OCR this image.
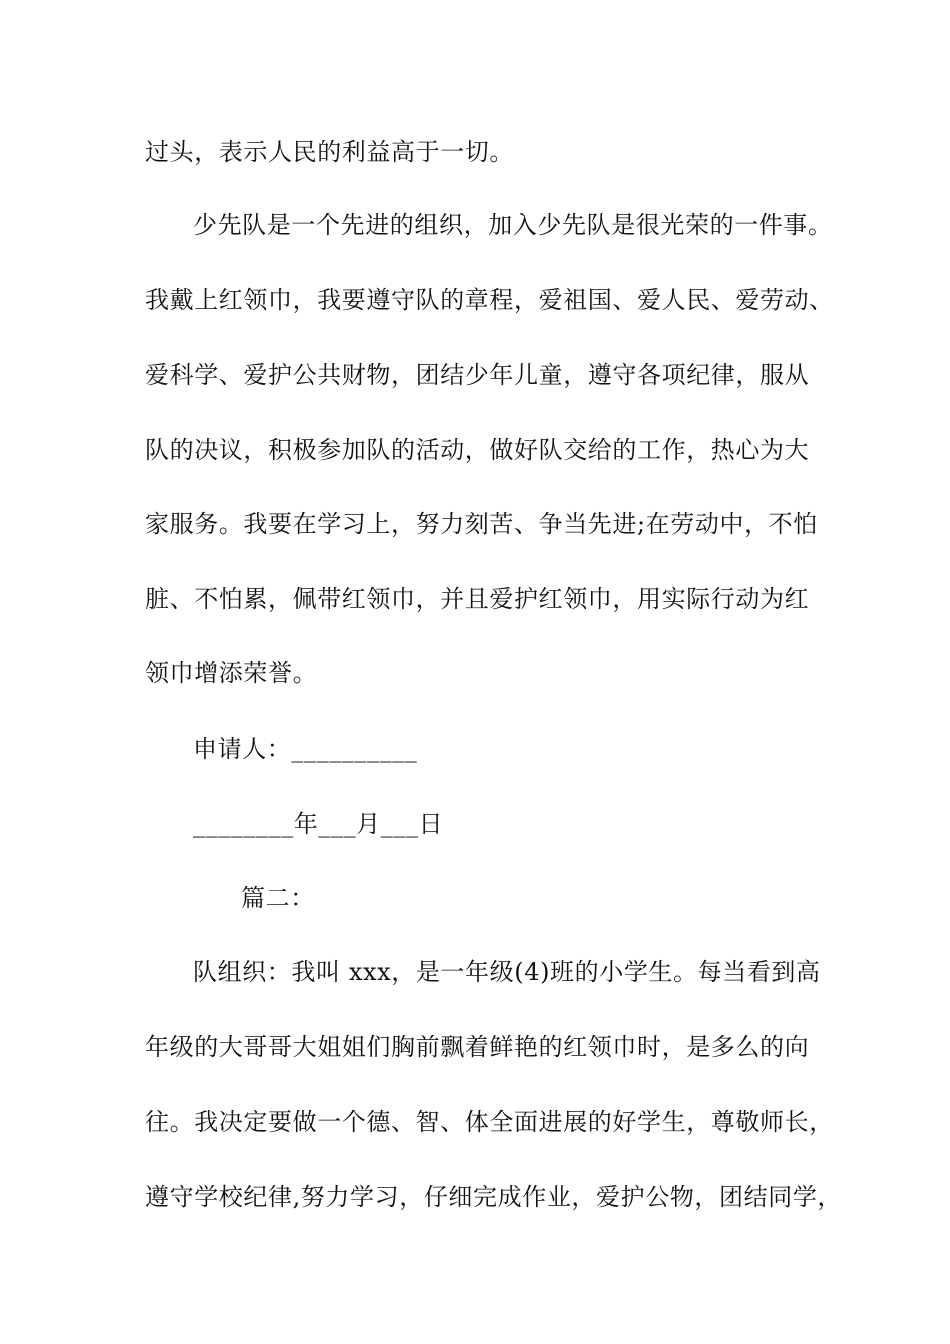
过头，表示人民的利益高于一切。
少先队是一个先进的组织，加入少先队是很光荣的一件事。
我戴上红领巾，我要遵守队的章程，爱祖国、爱人民、爱劳动、
爱科学、爱护公共财物，团结少年儿童，遵守各项纪律，服从
队的决议，积极参加队的活动，做好队交给的工作，热心为大
家服务。我要在学习上，努力刻苦、争当先进;在劳动中，不怕
脏、不怕累，佩带红领巾，并且爱护红领巾，用实际行动为红
领巾增添荣誉。
申请人：__________
________年___月___日
篇二：
队组织：我叫 xxx，是一年级(4)班的小学生。每当看到高
年级的大哥哥大姐姐们胸前飘着鲜艳的红领巾时，是多么的向
往。我决定要做一个德、智、体全面进展的好学生，尊敬师长，
遵守学校纪律,努力学习，仔细完成作业，爱护公物，团结同学，
